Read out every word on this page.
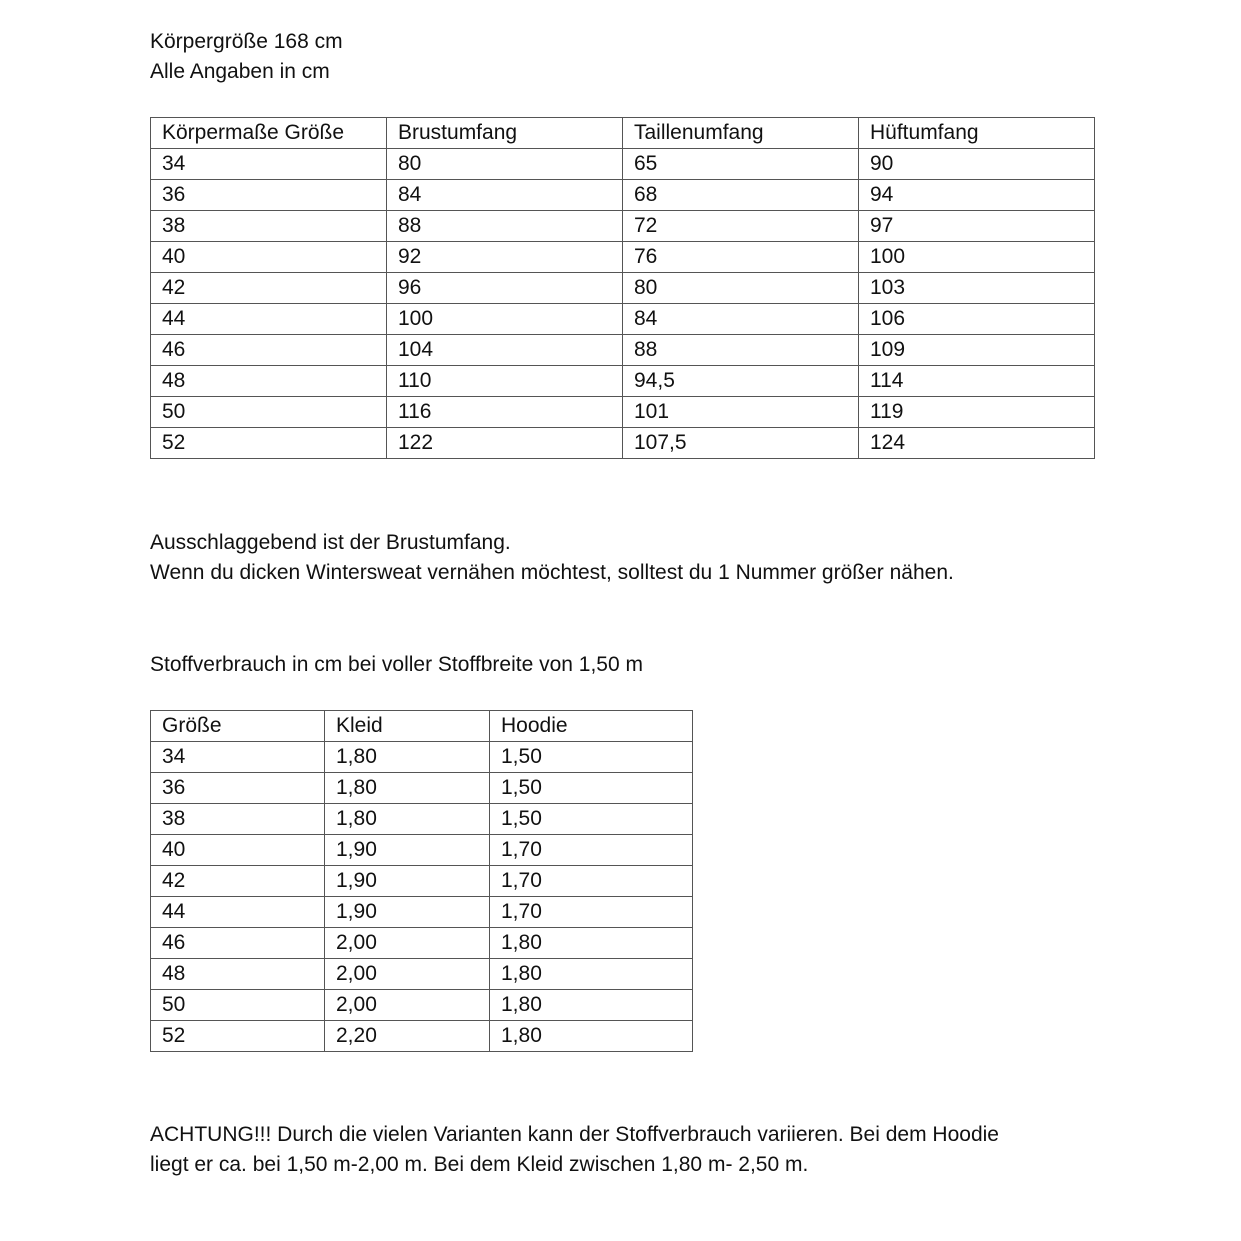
Körpergröße 168 cm

Alle Angaben in cm

Körpermaße Größe	Brustumfang	Taillenumfang	Hüftumfang
34	80	65	90
36	84	68	94
38	88	72	97
40	92	76	100
42	96	80	103
44	100	84	106
46	104	88	109
48	110	94,5	114
50	116	101	119
52	122	107,5	124

Ausschlaggebend ist der Brustumfang.

Wenn du dicken Wintersweat vernähen möchtest, solltest du 1 Nummer größer nähen.

Stoffverbrauch in cm bei voller Stoffbreite von 1,50 m

Größe	Kleid	Hoodie
34	1,80	1,50
36	1,80	1,50
38	1,80	1,50
40	1,90	1,70
42	1,90	1,70
44	1,90	1,70
46	2,00	1,80
48	2,00	1,80
50	2,00	1,80
52	2,20	1,80

ACHTUNG!!! Durch die vielen Varianten kann der Stoffverbrauch variieren. Bei dem Hoodie

liegt er ca. bei 1,50 m-2,00 m. Bei dem Kleid zwischen 1,80 m- 2,50 m.
